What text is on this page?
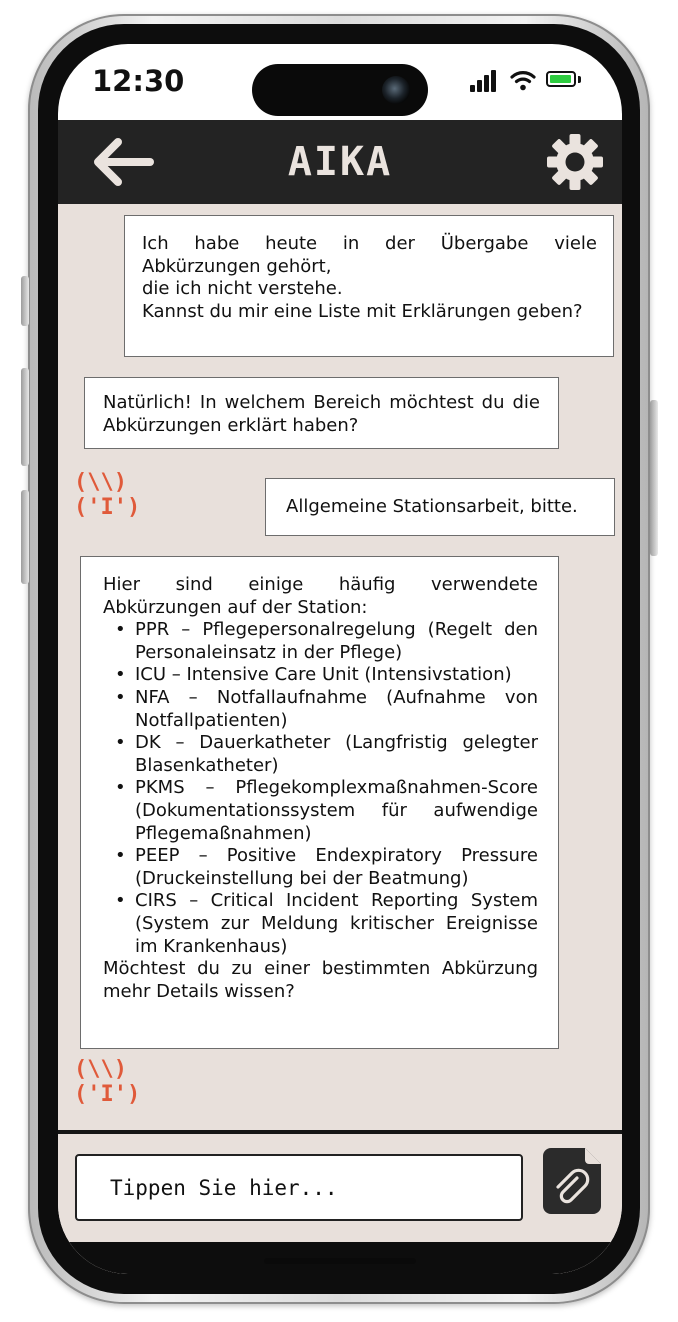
12:30
AIKA

Ich habe heute in der Übergabe viele Abkürzungen gehört,

die ich nicht verstehe.

Kannst du mir eine Liste mit Erklärungen geben?

Natürlich! In welchem Bereich möchtest du die Abkürzungen erklärt haben?

(\\)
('I')	Allgemeine Stationsarbeit, bitte.

Hier sind einige häufig verwendete Abkürzungen auf der Station:

• PPR – Pflegepersonalregelung (Regelt den Personaleinsatz in der Pflege)
• ICU – Intensive Care Unit (Intensivstation)
• NFA – Notfallaufnahme (Aufnahme von Notfallpatienten)
• DK – Dauerkatheter (Langfristig gelegter Blasenkatheter)
• PKMS – Pflegekomplexmaßnahmen-Score (Dokumentationssystem für aufwendige Pflegemaßnahmen)
• PEEP – Positive Endexpiratory Pressure (Druckeinstellung bei der Beatmung)
• CIRS – Critical Incident Reporting System (System zur Meldung kritischer Ereignisse im Krankenhaus)

Möchtest du zu einer bestimmten Abkürzung mehr Details wissen?

(\\)
('I')
Tippen Sie hier...
